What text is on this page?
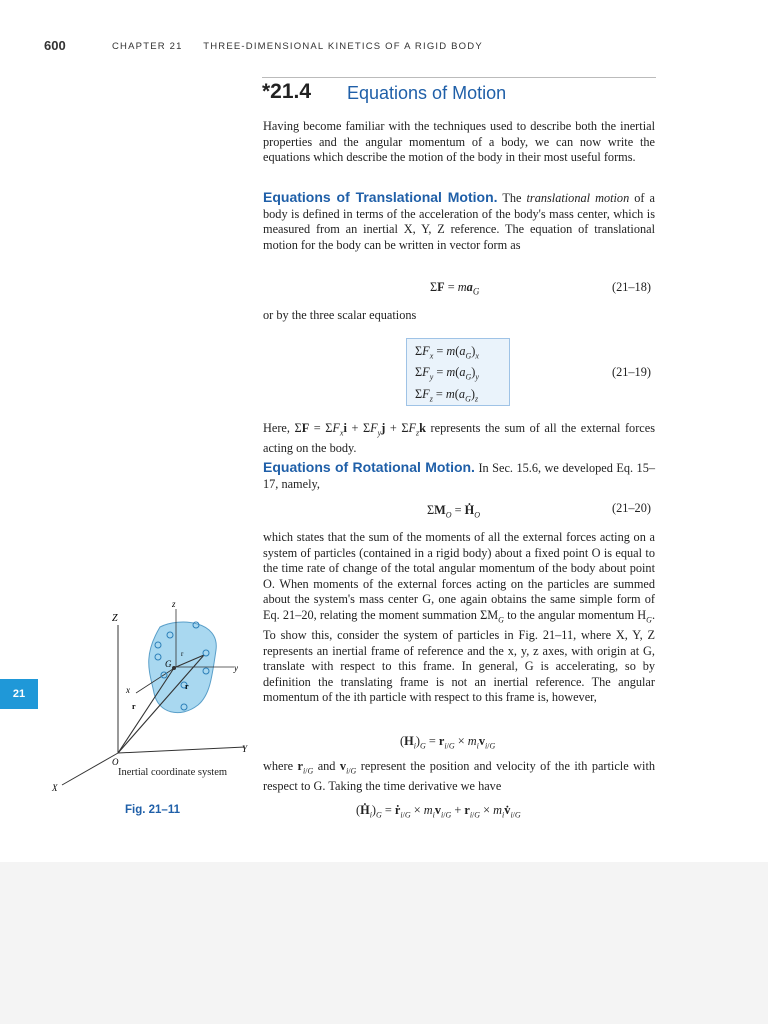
600	CHAPTER 21 THREE-DIMENSIONAL KINETICS OF A RIGID BODY
*21.4 Equations of Motion
Having become familiar with the techniques used to describe both the inertial properties and the angular momentum of a body, we can now write the equations which describe the motion of the body in their most useful forms.
Equations of Translational Motion. The translational motion of a body is defined in terms of the acceleration of the body's mass center, which is measured from an inertial X, Y, Z reference. The equation of translational motion for the body can be written in vector form as
$\Sigma F = ma_G$	(21–18)
or by the three scalar equations
$\Sigma F_x = m(a_G)_x$
$\Sigma F_y = m(a_G)_y$
$\Sigma F_z = m(a_G)_z$
(21–19)
Here, $\Sigma F = \Sigma F_xi + \Sigma F_yj + \Sigma F_zk$ represents the sum of all the external forces acting on the body.
Equations of Rotational Motion. In Sec. 15.6, we developed Eq. 15–17, namely,
$\Sigma M_O$ = Ḣ$_O$	(21–20)
which states that the sum of the moments of all the external forces acting on a system of particles (contained in a rigid body) about a fixed point O is equal to the time rate of change of the total angular momentum of the body about point O. When moments of the external forces acting on the particles are summed about the system's mass center G, one again obtains the same simple form of Eq. 21–20, relating the moment summation $\Sigma M_G$ to the angular momentum $H_G$. To show this, consider the system of particles in Fig. 21–11, where X, Y, Z represents an inertial frame of reference and the x, y, z axes, with origin at G, translate with respect to this frame. In general, G is accelerating, so by definition the translating frame is not an inertial reference. The angular momentum of the ith particle with respect to this frame is, however,
$(H_i)_G = r_{i/G} \times m_iv_{i/G}$
where $r_{i/G}$ and $v_{i/G}$ represent the position and velocity of the ith particle with respect to G. Taking the time derivative we have
$(Ḣ_i)_G$ = ṙ$_{i/G}$ × $m_iv_{i/G} + r_{i/G}$ × $m_iv̇_{i/G}$
21
Z
z
y
x
G
r
r
r
O
Y
X
Inertial coordinate system
Fig. 21–11
